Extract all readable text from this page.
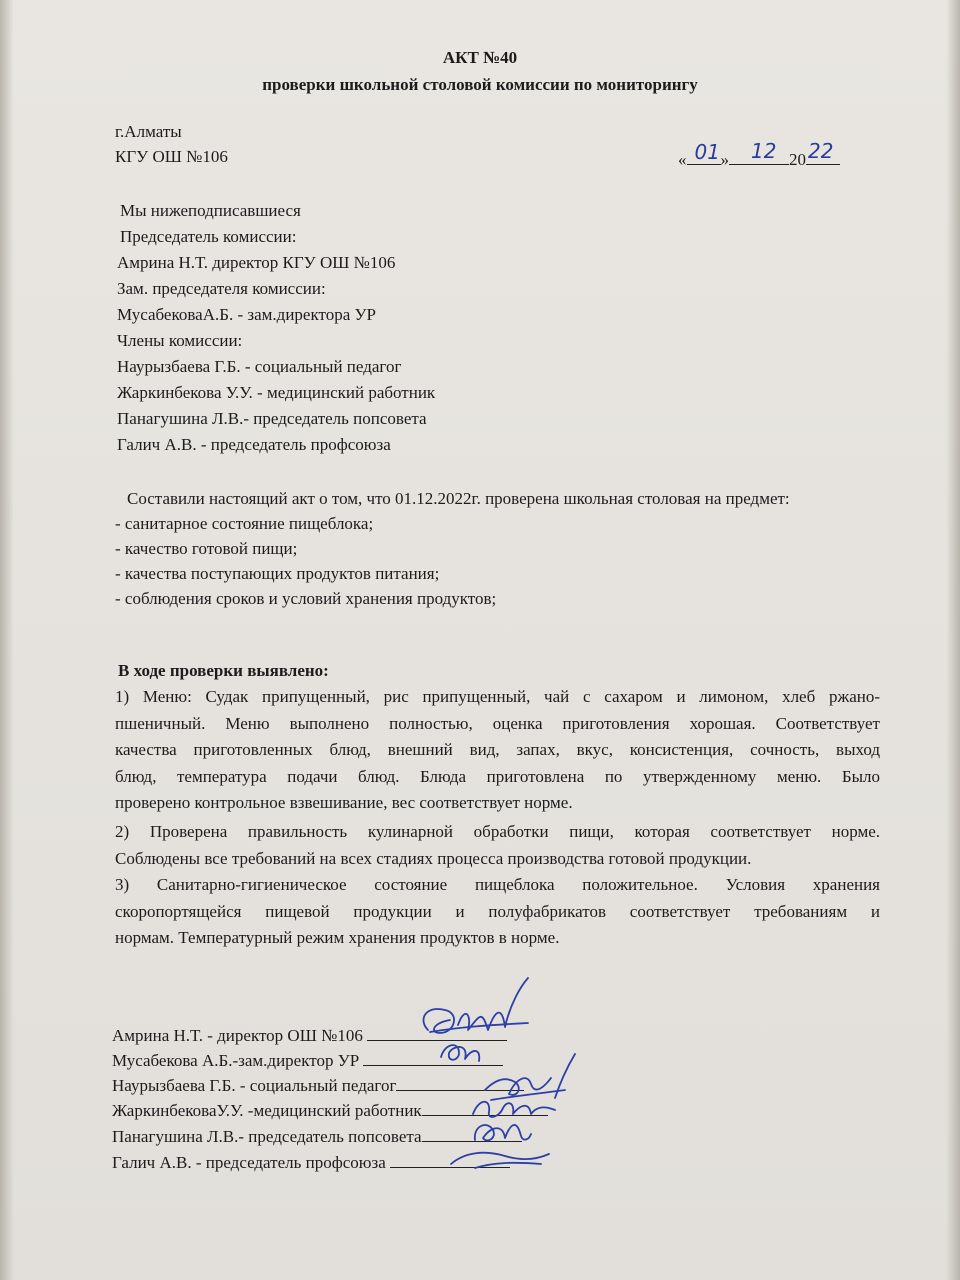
АКТ №40
проверки школьной столовой комиссии по мониторингу
г.Алматы
КГУ ОШ №106	« 01 » 12 20 22
Мы нижеподписавшиеся
Председатель комиссии:
Амрина Н.Т. директор КГУ ОШ №106
Зам. председателя комиссии:
МусабековаА.Б. - зам.директора УР
Члены комиссии:
Наурызбаева Г.Б. - социальный педагог
Жаркинбекова У.У. - медицинский работник
Панагушина Л.В.- председатель попсовета
Галич А.В. - председатель профсоюза
Составили настоящий акт о том, что 01.12.2022г. проверена школьная столовая на предмет:
- санитарное состояние пищеблока;
- качество готовой пищи;
- качества поступающих продуктов питания;
- соблюдения сроков и условий хранения продуктов;
В ходе проверки выявлено:
1) Меню: Судак припущенный, рис припущенный, чай с сахаром и лимоном, хлеб ржано-
пшеничный. Меню выполнено полностью, оценка приготовления хорошая. Соответствует
качества приготовленных блюд, внешний вид, запах, вкус, консистенция, сочность, выход
блюд, температура подачи блюд. Блюда приготовлена по утвержденному меню. Было
проверено контрольное взвешивание, вес соответствует норме.
2) Проверена правильность кулинарной обработки пищи, которая соответствует норме.
Соблюдены все требований на всех стадиях процесса производства готовой продукции.
3) Санитарно-гигиеническое состояние пищеблока положительное. Условия хранения
скоропортящейся пищевой продукции и полуфабрикатов соответствует требованиям и
нормам. Температурный режим хранения продуктов в норме.
Амрина Н.Т. - директор ОШ №106
Мусабекова А.Б.-зам.директор УР
Наурызбаева Г.Б. - социальный педагог
ЖаркинбековаУ.У. -медицинский работник
Панагушина Л.В.- председатель попсовета
Галич А.В. - председатель профсоюза
